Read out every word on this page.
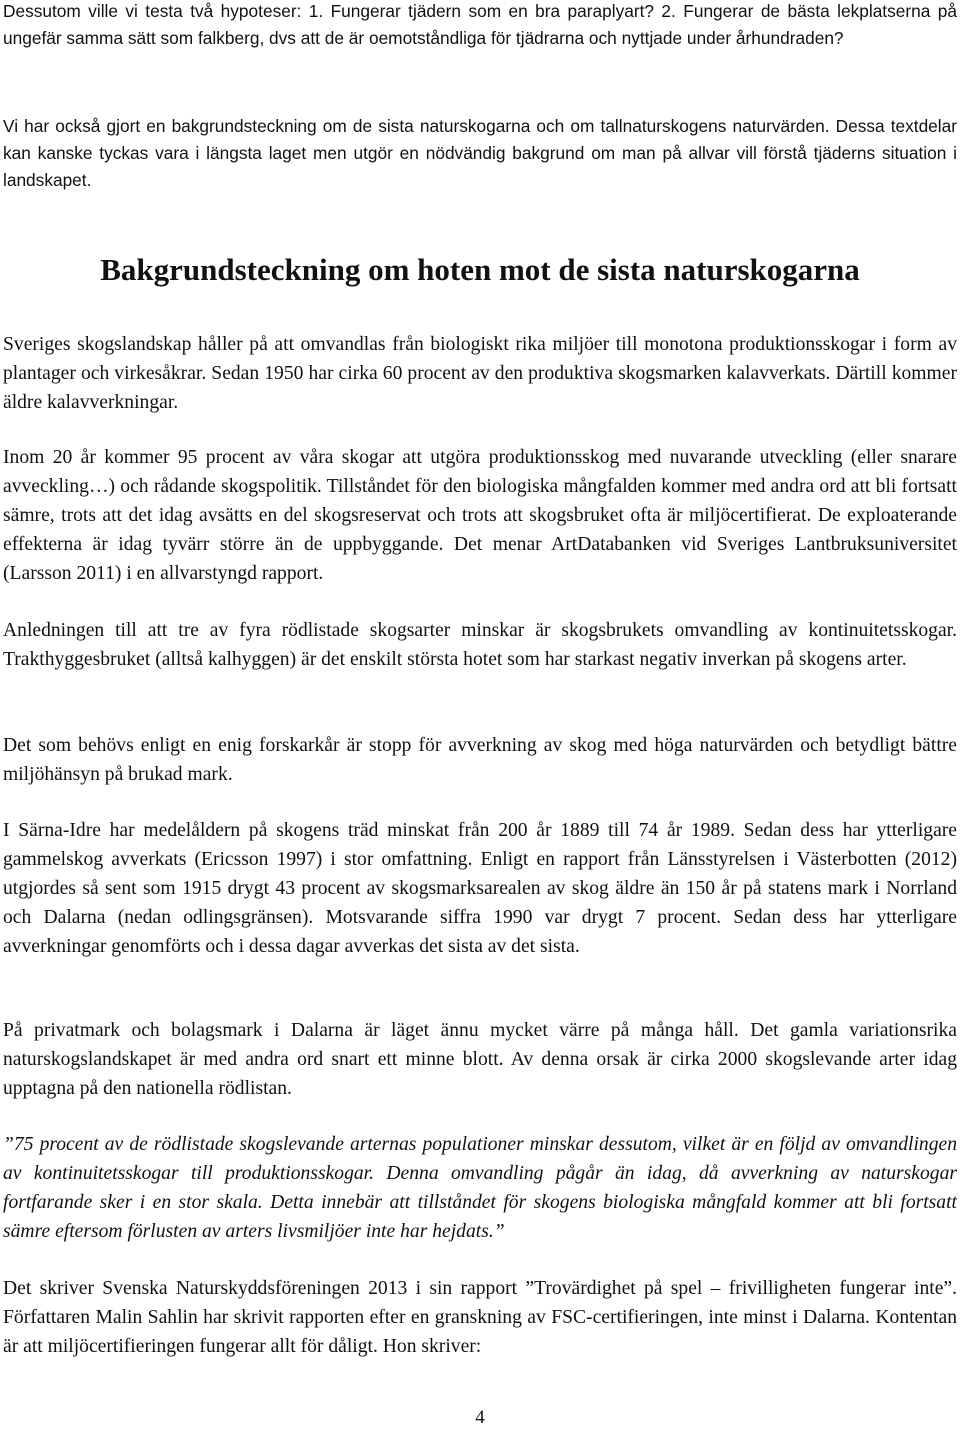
Dessutom ville vi testa två hypoteser: 1. Fungerar tjädern som en bra paraplyart? 2. Fungerar de bästa lekplatserna på ungefär samma sätt som falkberg, dvs att de är oemotståndliga för tjädrarna och nyttjade under århundraden?

Vi har också gjort en bakgrundsteckning om de sista naturskogarna och om tallnaturskogens naturvärden. Dessa textdelar kan kanske tyckas vara i längsta laget men utgör en nödvändig bakgrund om man på allvar vill förstå tjäderns situation i landskapet.

Bakgrundsteckning om hoten mot de sista naturskogarna

Sveriges skogslandskap håller på att omvandlas från biologiskt rika miljöer till monotona produktionsskogar i form av plantager och virkesåkrar. Sedan 1950 har cirka 60 procent av den produktiva skogsmarken kalavverkats. Därtill kommer äldre kalavverkningar.

Inom 20 år kommer 95 procent av våra skogar att utgöra produktionsskog med nuvarande utveckling (eller snarare avveckling…) och rådande skogspolitik. Tillståndet för den biologiska mångfalden kommer med andra ord att bli fortsatt sämre, trots att det idag avsätts en del skogsreservat och trots att skogsbruket ofta är miljöcertifierat. De exploaterande effekterna är idag tyvärr större än de uppbyggande. Det menar ArtDatabanken vid Sveriges Lantbruksuniversitet (Larsson 2011) i en allvarstyngd rapport.

Anledningen till att tre av fyra rödlistade skogsarter minskar är skogsbrukets omvandling av kontinuitetsskogar. Trakthyggesbruket (alltså kalhyggen) är det enskilt största hotet som har starkast negativ inverkan på skogens arter.

Det som behövs enligt en enig forskarkår är stopp för avverkning av skog med höga naturvärden och betydligt bättre miljöhänsyn på brukad mark.

I Särna-Idre har medelåldern på skogens träd minskat från 200 år 1889 till 74 år 1989. Sedan dess har ytterligare gammelskog avverkats (Ericsson 1997) i stor omfattning. Enligt en rapport från Länsstyrelsen i Västerbotten (2012) utgjordes så sent som 1915 drygt 43 procent av skogsmarksarealen av skog äldre än 150 år på statens mark i Norrland och Dalarna (nedan odlingsgränsen). Motsvarande siffra 1990 var drygt 7 procent. Sedan dess har ytterligare avverkningar genomförts och i dessa dagar avverkas det sista av det sista.

På privatmark och bolagsmark i Dalarna är läget ännu mycket värre på många håll. Det gamla variationsrika naturskogslandskapet är med andra ord snart ett minne blott. Av denna orsak är cirka 2000 skogslevande arter idag upptagna på den nationella rödlistan.

”75 procent av de rödlistade skogslevande arternas populationer minskar dessutom, vilket är en följd av omvandlingen av kontinuitetsskogar till produktionsskogar. Denna omvandling pågår än idag, då avverkning av naturskogar fortfarande sker i en stor skala. Detta innebär att tillståndet för skogens biologiska mångfald kommer att bli fortsatt sämre eftersom förlusten av arters livsmiljöer inte har hejdats.”

Det skriver Svenska Naturskyddsföreningen 2013 i sin rapport ”Trovärdighet på spel – frivilligheten fungerar inte”. Författaren Malin Sahlin har skrivit rapporten efter en granskning av FSC-certifieringen, inte minst i Dalarna. Kontentan är att miljöcertifieringen fungerar allt för dåligt. Hon skriver:

4
